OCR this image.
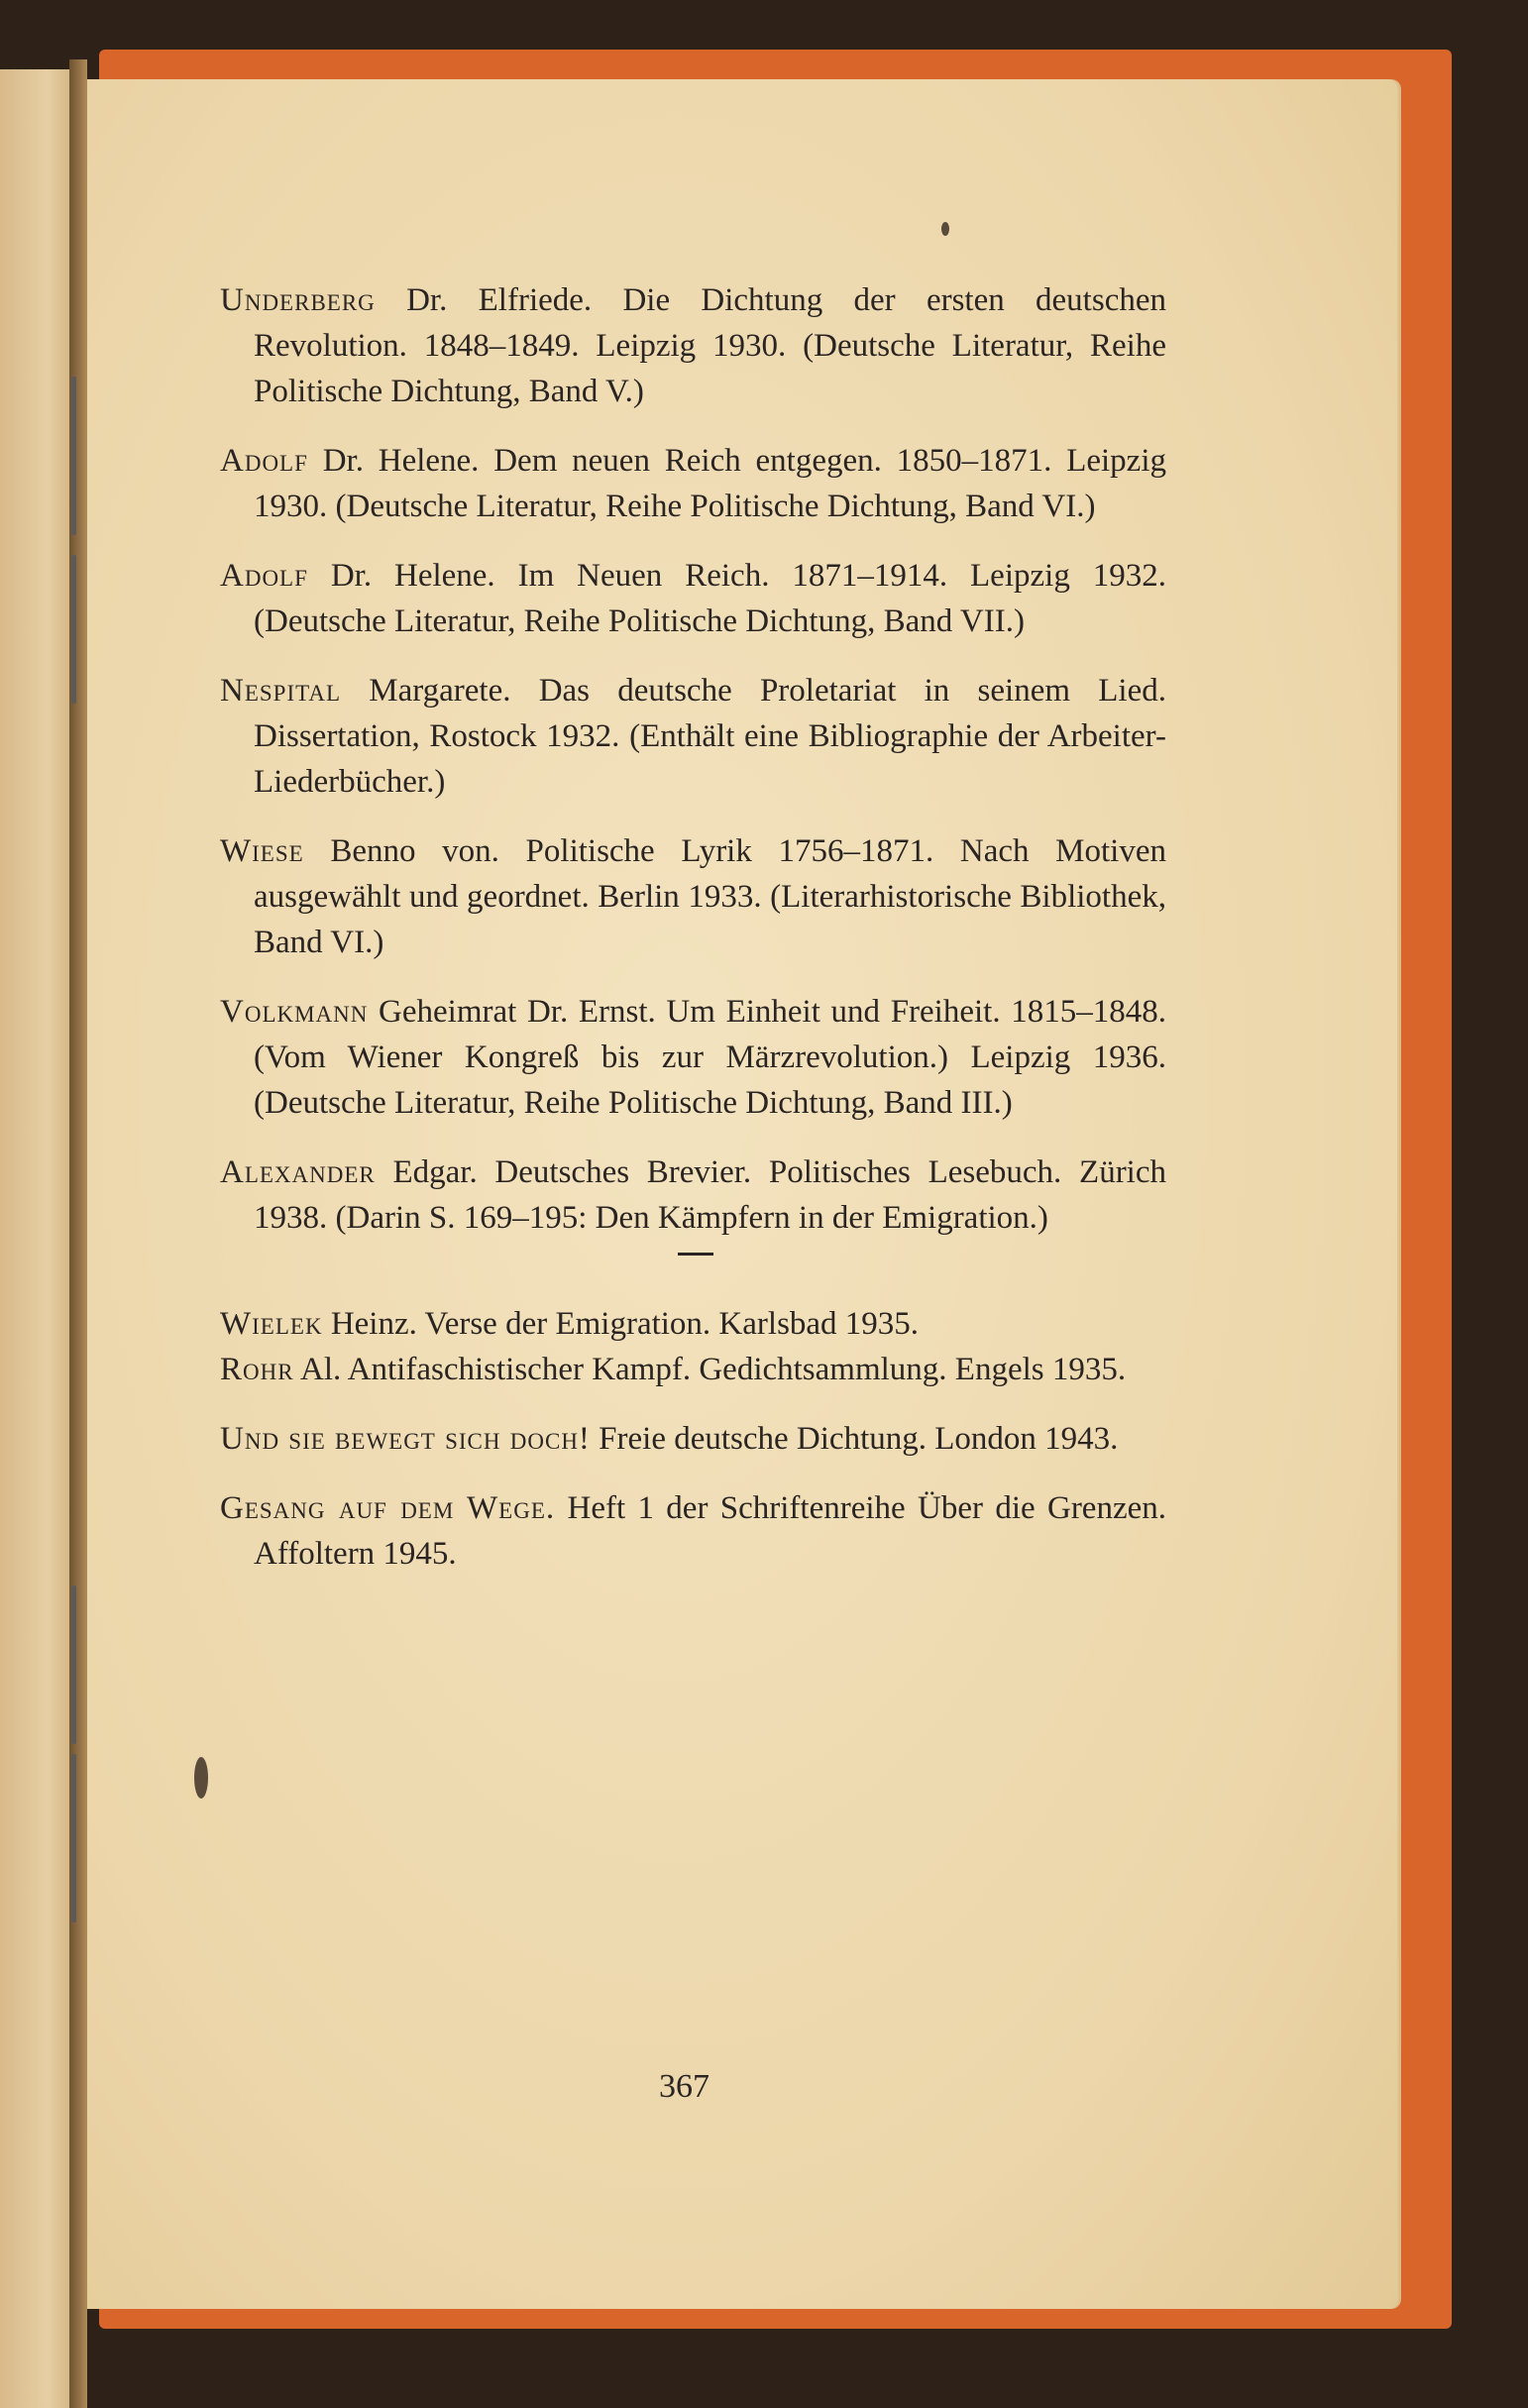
Underberg Dr. Elfriede. Die Dichtung der ersten deutschen Revolution. 1848–1849. Leipzig 1930. (Deutsche Literatur, Reihe Politische Dichtung, Band V.)

Adolf Dr. Helene. Dem neuen Reich entgegen. 1850–1871. Leipzig 1930. (Deutsche Literatur, Reihe Politische Dichtung, Band VI.)

Adolf Dr. Helene. Im Neuen Reich. 1871–1914. Leipzig 1932. (Deutsche Literatur, Reihe Politische Dichtung, Band VII.)

Nespital Margarete. Das deutsche Proletariat in seinem Lied. Dissertation, Rostock 1932. (Enthält eine Bibliographie der Arbeiter-Liederbücher.)

Wiese Benno von. Politische Lyrik 1756–1871. Nach Motiven ausgewählt und geordnet. Berlin 1933. (Literarhistorische Bibliothek, Band VI.)

Volkmann Geheimrat Dr. Ernst. Um Einheit und Freiheit. 1815–1848. (Vom Wiener Kongreß bis zur Märzrevolution.) Leipzig 1936. (Deutsche Literatur, Reihe Politische Dichtung, Band III.)

Alexander Edgar. Deutsches Brevier. Politisches Lesebuch. Zürich 1938. (Darin S. 169–195: Den Kämpfern in der Emigration.)

Wielek Heinz. Verse der Emigration. Karlsbad 1935.

Rohr Al. Antifaschistischer Kampf. Gedichtsammlung. Engels 1935.

Und sie bewegt sich doch! Freie deutsche Dichtung. London 1943.

Gesang auf dem Wege. Heft 1 der Schriftenreihe Über die Grenzen. Affoltern 1945.

367
